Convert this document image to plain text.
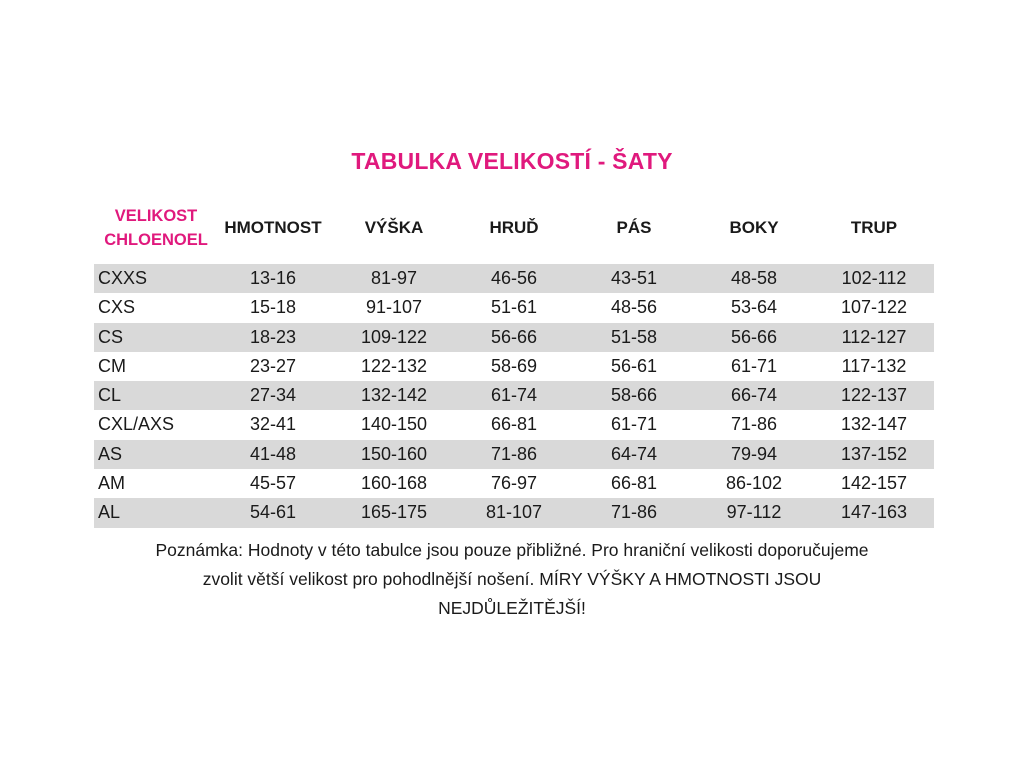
TABULKA VELIKOSTÍ - ŠATY
VELIKOST
CHLOENOEL
HMOTNOST	VÝŠKA	HRUĎ	PÁS	BOKY	TRUP
CXXS	13-16	81-97	46-56	43-51	48-58	102-112
CXS	15-18	91-107	51-61	48-56	53-64	107-122
CS	18-23	109-122	56-66	51-58	56-66	112-127
CM	23-27	122-132	58-69	56-61	61-71	117-132
CL	27-34	132-142	61-74	58-66	66-74	122-137
CXL/AXS	32-41	140-150	66-81	61-71	71-86	132-147
AS	41-48	150-160	71-86	64-74	79-94	137-152
AM	45-57	160-168	76-97	66-81	86-102	142-157
AL	54-61	165-175	81-107	71-86	97-112	147-163
Poznámka: Hodnoty v této tabulce jsou pouze přibližné. Pro hraniční velikosti doporučujeme
zvolit větší velikost pro pohodlnější nošení. MÍRY VÝŠKY A HMOTNOSTI JSOU
NEJDŮLEŽITĚJŠÍ!
